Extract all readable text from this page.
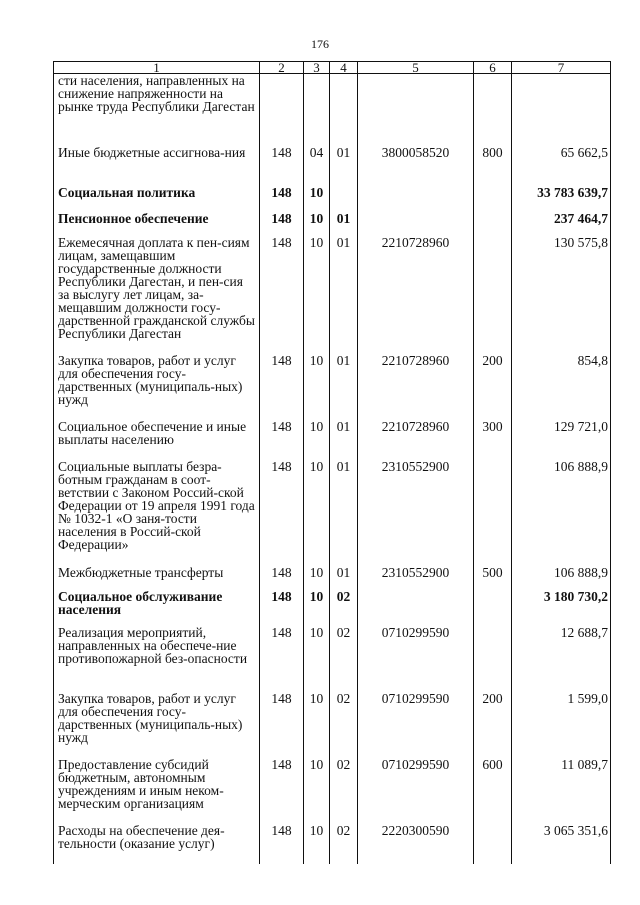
176
1	2	3	4	5	6	7
сти населения, направленных на снижение напряженности на рынке труда Республики Дагестан						
Иные бюджетные ассигнова-ния	148	04	01	3800058520	800	65 662,5
Социальная политика	148	10				33 783 639,7
Пенсионное обеспечение	148	10	01			237 464,7
Ежемесячная доплата к пен-сиям лицам, замещавшим государственные должности Республики Дагестан, и пен-сия за выслугу лет лицам, за-мещавшим должности госу-дарственной гражданской службы Республики Дагестан	148	10	01	2210728960		130 575,8
Закупка товаров, работ и услуг для обеспечения госу-дарственных (муниципаль-ных) нужд	148	10	01	2210728960	200	854,8
Социальное обеспечение и иные выплаты населению	148	10	01	2210728960	300	129 721,0
Социальные выплаты безра-ботным гражданам в соот-ветствии с Законом Россий-ской Федерации от 19 апреля 1991 года № 1032-1 «О заня-тости населения в Россий-ской Федерации»	148	10	01	2310552900		106 888,9
Межбюджетные трансферты	148	10	01	2310552900	500	106 888,9
Социальное обслуживание населения	148	10	02			3 180 730,2
Реализация мероприятий, направленных на обеспече-ние противопожарной без-опасности	148	10	02	0710299590		12 688,7
Закупка товаров, работ и услуг для обеспечения госу-дарственных (муниципаль-ных) нужд	148	10	02	0710299590	200	1 599,0
Предоставление субсидий бюджетным, автономным учреждениям и иным неком-мерческим организациям	148	10	02	0710299590	600	11 089,7
Расходы на обеспечение дея-тельности (оказание услуг)	148	10	02	2220300590		3 065 351,6
